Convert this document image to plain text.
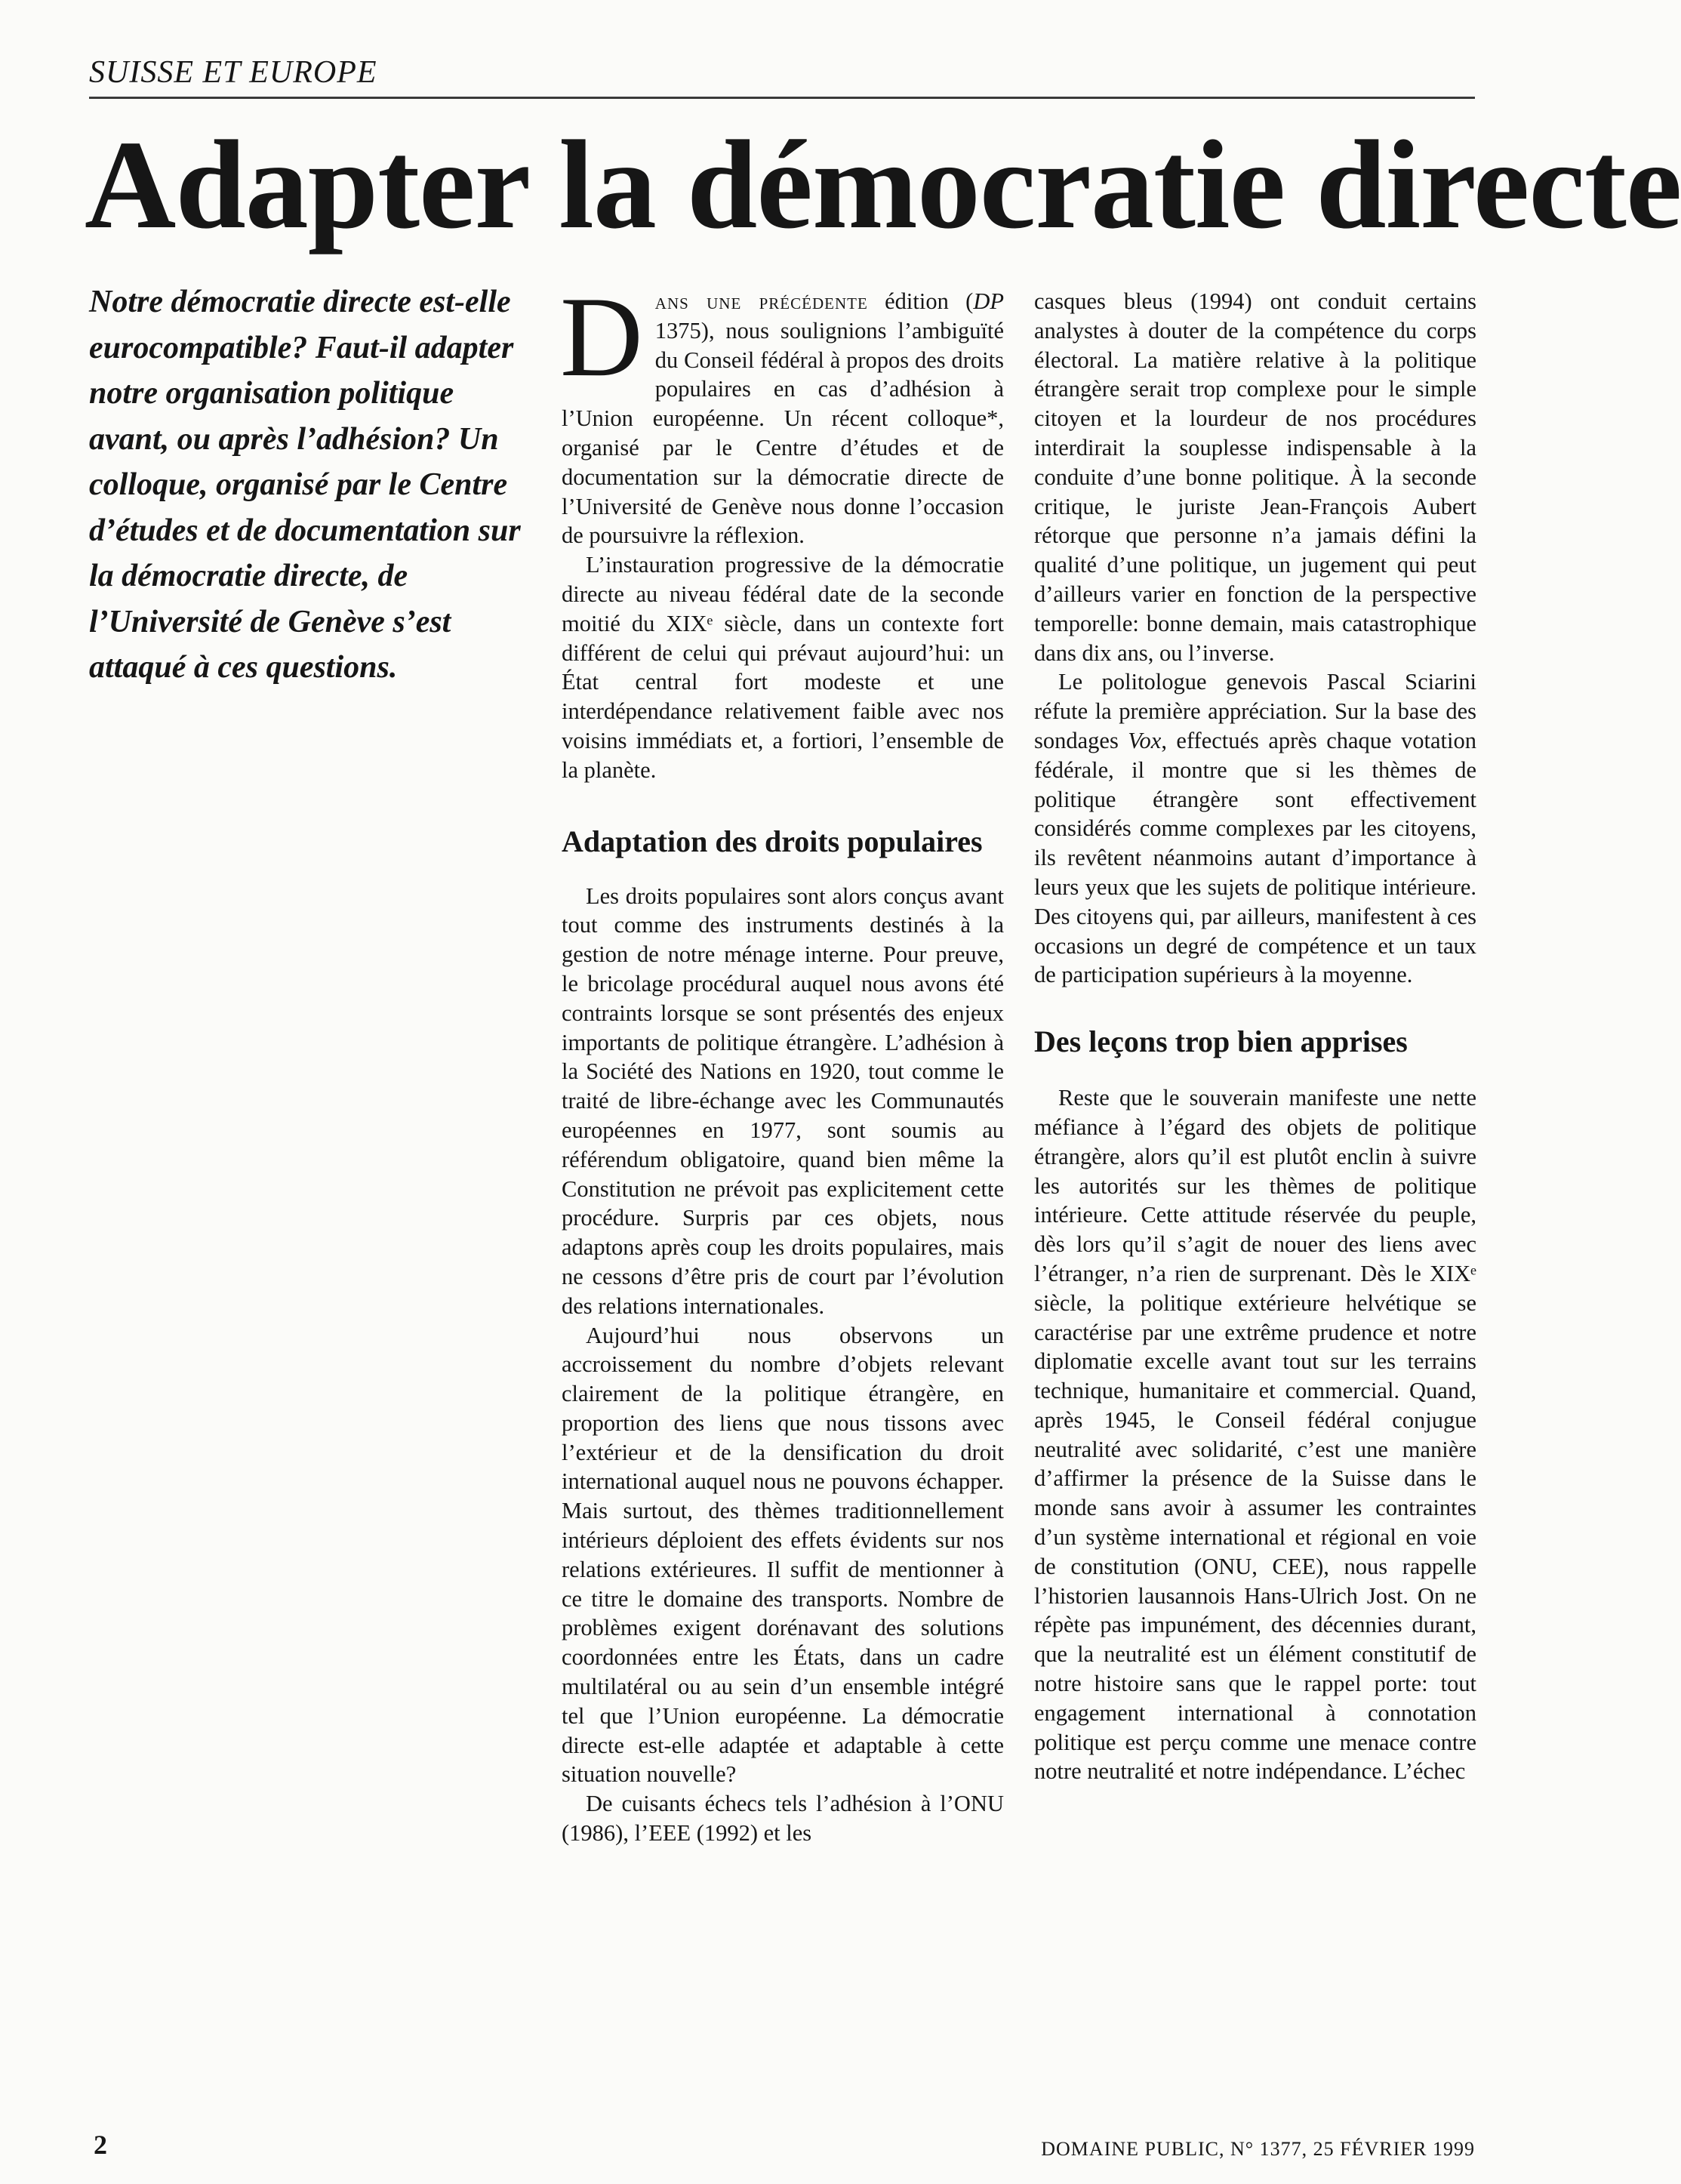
SUISSE ET EUROPE
Adapter la démocratie directe

Notre démocratie directe est-elle eurocompatible? Faut-il adapter notre organisation politique avant, ou après l’adhésion? Un colloque, organisé par le Centre d’études et de documentation sur la démocratie directe, de l’Université de Genève s’est attaqué à ces questions.

Dans une précédente édition (DP 1375), nous soulignions l’ambiguïté du Conseil fédéral à propos des droits populaires en cas d’adhésion à l’Union européenne. Un récent colloque*, organisé par le Centre d’études et de documentation sur la démocratie directe de l’Université de Genève nous donne l’occasion de poursuivre la réflexion.

L’instauration progressive de la démocratie directe au niveau fédéral date de la seconde moitié du XIXᵉ siècle, dans un contexte fort différent de celui qui prévaut aujourd’hui: un État central fort modeste et une interdépendance relativement faible avec nos voisins immédiats et, a fortiori, l’ensemble de la planète.

Adaptation des droits populaires

Les droits populaires sont alors conçus avant tout comme des instruments destinés à la gestion de notre ménage interne. Pour preuve, le bricolage procédural auquel nous avons été contraints lorsque se sont présentés des enjeux importants de politique étrangère. L’adhésion à la Société des Nations en 1920, tout comme le traité de libre-échange avec les Communautés européennes en 1977, sont soumis au référendum obligatoire, quand bien même la Constitution ne prévoit pas explicitement cette procédure. Surpris par ces objets, nous adaptons après coup les droits populaires, mais ne cessons d’être pris de court par l’évolution des relations internationales.

Aujourd’hui nous observons un accroissement du nombre d’objets relevant clairement de la politique étrangère, en proportion des liens que nous tissons avec l’extérieur et de la densification du droit international auquel nous ne pouvons échapper. Mais surtout, des thèmes traditionnellement intérieurs déploient des effets évidents sur nos relations extérieures. Il suffit de mentionner à ce titre le domaine des transports. Nombre de problèmes exigent dorénavant des solutions coordonnées entre les États, dans un cadre multilatéral ou au sein d’un ensemble intégré tel que l’Union européenne. La démocratie directe est-elle adaptée et adaptable à cette situation nouvelle?

De cuisants échecs tels l’adhésion à l’ONU (1986), l’EEE (1992) et les

casques bleus (1994) ont conduit certains analystes à douter de la compétence du corps électoral. La matière relative à la politique étrangère serait trop complexe pour le simple citoyen et la lourdeur de nos procédures interdirait la souplesse indispensable à la conduite d’une bonne politique. À la seconde critique, le juriste Jean-François Aubert rétorque que personne n’a jamais défini la qualité d’une politique, un jugement qui peut d’ailleurs varier en fonction de la perspective temporelle: bonne demain, mais catastrophique dans dix ans, ou l’inverse.

Le politologue genevois Pascal Sciarini réfute la première appréciation. Sur la base des sondages Vox, effectués après chaque votation fédérale, il montre que si les thèmes de politique étrangère sont effectivement considérés comme complexes par les citoyens, ils revêtent néanmoins autant d’importance à leurs yeux que les sujets de politique intérieure. Des citoyens qui, par ailleurs, manifestent à ces occasions un degré de compétence et un taux de participation supérieurs à la moyenne.

Des leçons trop bien apprises

Reste que le souverain manifeste une nette méfiance à l’égard des objets de politique étrangère, alors qu’il est plutôt enclin à suivre les autorités sur les thèmes de politique intérieure. Cette attitude réservée du peuple, dès lors qu’il s’agit de nouer des liens avec l’étranger, n’a rien de surprenant. Dès le XIXᵉ siècle, la politique extérieure helvétique se caractérise par une extrême prudence et notre diplomatie excelle avant tout sur les terrains technique, humanitaire et commercial. Quand, après 1945, le Conseil fédéral conjugue neutralité avec solidarité, c’est une manière d’affirmer la présence de la Suisse dans le monde sans avoir à assumer les contraintes d’un système international et régional en voie de constitution (ONU, CEE), nous rappelle l’historien lausannois Hans-Ulrich Jost. On ne répète pas impunément, des décennies durant, que la neutralité est un élément constitutif de notre histoire sans que le rappel porte: tout engagement international à connotation politique est perçu comme une menace contre notre neutralité et notre indépendance. L’échec

2	DOMAINE PUBLIC, N° 1377, 25 FÉVRIER 1999
